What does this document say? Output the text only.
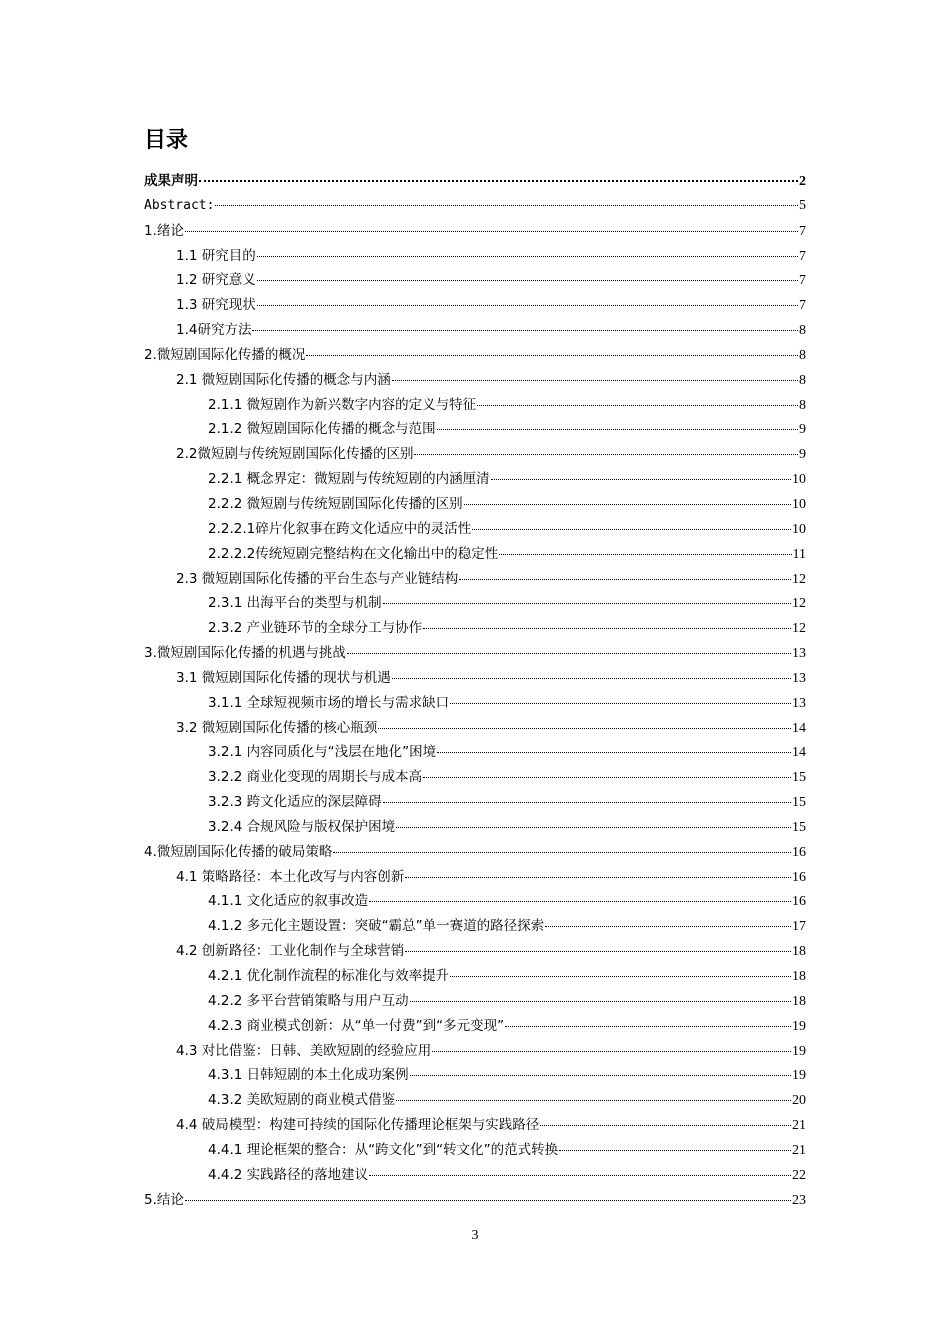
目录
成果声明	2
Abstract:	5
1.绪论	7
1.1 研究目的	7
1.2 研究意义	7
1.3 研究现状	7
1.4研究方法	8
2.微短剧国际化传播的概况	8
2.1 微短剧国际化传播的概念与内涵	8
2.1.1 微短剧作为新兴数字内容的定义与特征	8
2.1.2 微短剧国际化传播的概念与范围	9
2.2微短剧与传统短剧国际化传播的区别	9
2.2.1 概念界定：微短剧与传统短剧的内涵厘清	10
2.2.2 微短剧与传统短剧国际化传播的区别	10
2.2.2.1碎片化叙事在跨文化适应中的灵活性	10
2.2.2.2传统短剧完整结构在文化输出中的稳定性	11
2.3 微短剧国际化传播的平台生态与产业链结构	12
2.3.1 出海平台的类型与机制	12
2.3.2 产业链环节的全球分工与协作	12
3.微短剧国际化传播的机遇与挑战	13
3.1 微短剧国际化传播的现状与机遇	13
3.1.1 全球短视频市场的增长与需求缺口	13
3.2 微短剧国际化传播的核心瓶颈	14
3.2.1 内容同质化与“浅层在地化”困境	14
3.2.2 商业化变现的周期长与成本高	15
3.2.3 跨文化适应的深层障碍	15
3.2.4 合规风险与版权保护困境	15
4.微短剧国际化传播的破局策略	16
4.1 策略路径：本土化改写与内容创新	16
4.1.1 文化适应的叙事改造	16
4.1.2 多元化主题设置：突破“霸总”单一赛道的路径探索	17
4.2 创新路径：工业化制作与全球营销	18
4.2.1 优化制作流程的标准化与效率提升	18
4.2.2 多平台营销策略与用户互动	18
4.2.3 商业模式创新：从“单一付费”到“多元变现”	19
4.3 对比借鉴：日韩、美欧短剧的经验应用	19
4.3.1 日韩短剧的本土化成功案例	19
4.3.2 美欧短剧的商业模式借鉴	20
4.4 破局模型：构建可持续的国际化传播理论框架与实践路径	21
4.4.1 理论框架的整合：从“跨文化”到“转文化”的范式转换	21
4.4.2 实践路径的落地建议	22
5.结论	23
3
